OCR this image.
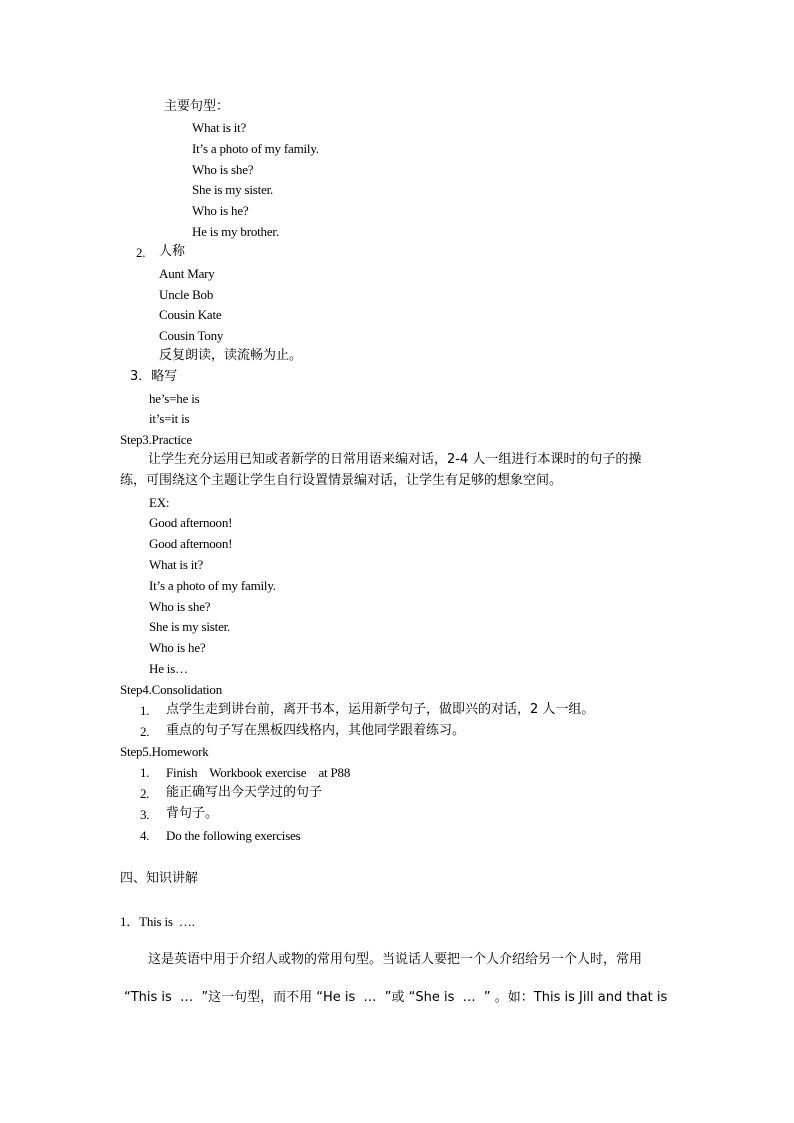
主要句型：
What is it?
It’s a photo of my family.
Who is she?
She is my sister.
Who is he?
He is my brother.
2. 人称
Aunt Mary
Uncle Bob
Cousin Kate
Cousin Tony
反复朗读，读流畅为止。
3．略写
he’s=he is
it’s=it is
Step3.Practice
让学生充分运用已知或者新学的日常用语来编对话，2-4 人一组进行本课时的句子的操
练，可围绕这个主题让学生自行设置情景编对话，让学生有足够的想象空间。
EX:
Good afternoon!
Good afternoon!
What is it?
It’s a photo of my family.
Who is she?
She is my sister.
Who is he?
He is…
Step4.Consolidation
1. 点学生走到讲台前，离开书本，运用新学句子，做即兴的对话，2 人一组。
2. 重点的句子写在黑板四线格内，其他同学跟着练习。
Step5.Homework
1. Finish    Workbook exercise    at P88
2. 能正确写出今天学过的句子
3. 背句子。
4. Do the following exercises
四、知识讲解
1．This is  ….
这是英语中用于介绍人或物的常用句型。当说话人要把一个人介绍给另一个人时，常用
“This is  …  ”这一句型，而不用 “He is  …  ”或 “She is  …  ” 。如：This is Jill and that is
